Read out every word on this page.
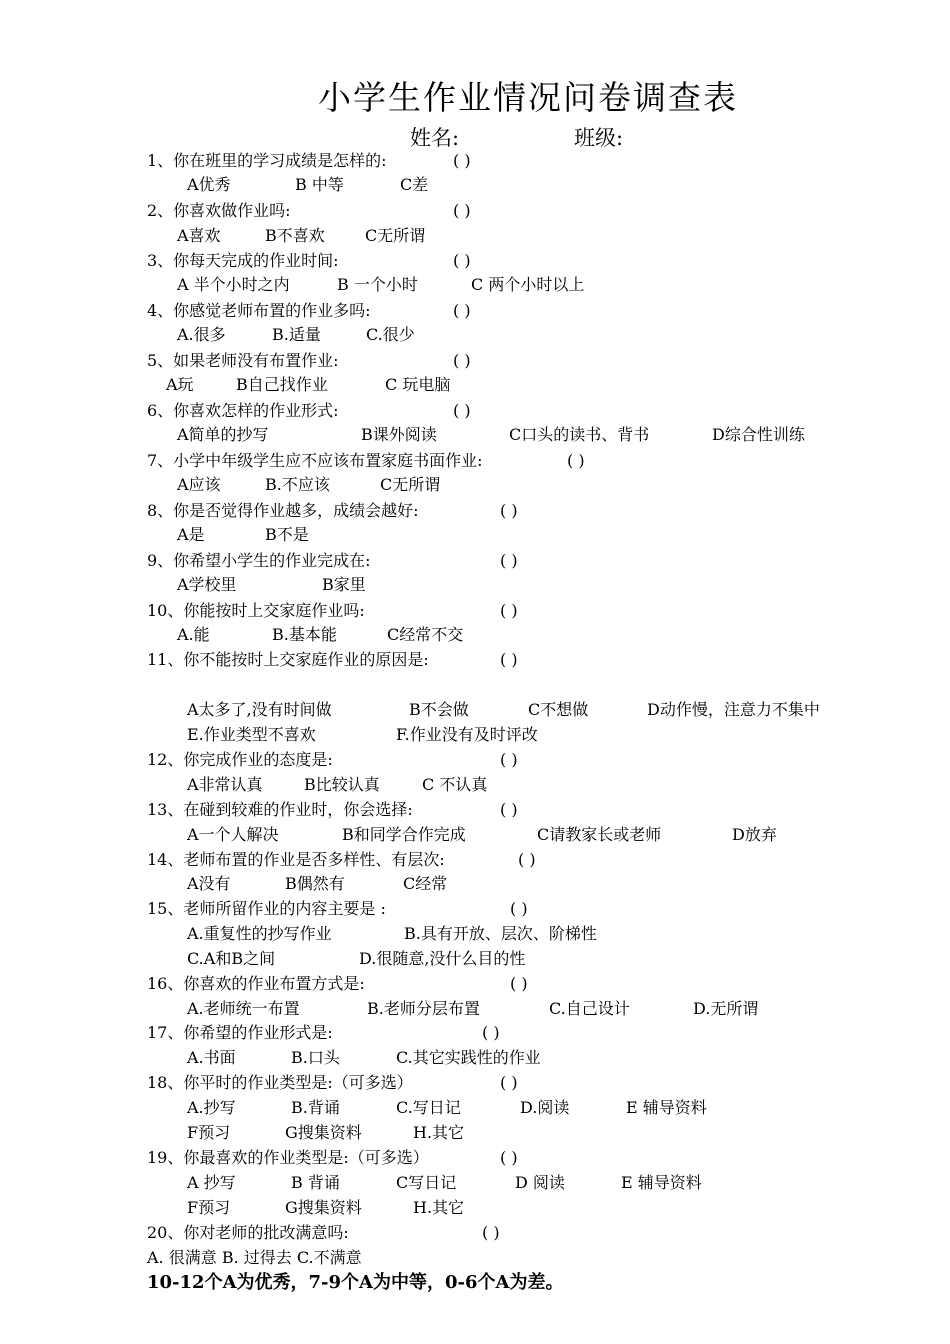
小学生作业情况问卷调查表
姓名:	班级:
1、你在班里的学习成绩是怎样的:	( )
A优秀	B 中等	C差
2、你喜欢做作业吗:	( )
A喜欢	B不喜欢	C无所谓
3、你每天完成的作业时间:	( )
A 半个小时之内	B 一个小时	C 两个小时以上
4、你感觉老师布置的作业多吗:	( )
A.很多	B.适量	C.很少
5、如果老师没有布置作业:	( )
A玩	B自己找作业	C 玩电脑
6、你喜欢怎样的作业形式:	( )
A简单的抄写	B课外阅读	C口头的读书、背书	D综合性训练
7、小学中年级学生应不应该布置家庭书面作业:	( )
A应该	B.不应该	C无所谓
8、你是否觉得作业越多，成绩会越好:	( )
A是	B不是
9、你希望小学生的作业完成在:	( )
A学校里	B家里
10、你能按时上交家庭作业吗:	( )
A.能	B.基本能	C经常不交
11、你不能按时上交家庭作业的原因是:	( )
A太多了,没有时间做	B不会做	C不想做	D动作慢，注意力不集中
E.作业类型不喜欢	F.作业没有及时评改
12、你完成作业的态度是:	( )
A非常认真	B比较认真	C 不认真
13、在碰到较难的作业时，你会选择:	( )
A一个人解决	B和同学合作完成	C请教家长或老师	D放弃
14、老师布置的作业是否多样性、有层次:	( )
A没有	B偶然有	C经常
15、老师所留作业的内容主要是 :	( )
A.重复性的抄写作业	B.具有开放、层次、阶梯性
C.A和B之间	D.很随意,没什么目的性
16、你喜欢的作业布置方式是:	( )
A.老师统一布置	B.老师分层布置	C.自己设计	D.无所谓
17、你希望的作业形式是:	( )
A.书面	B.口头	C.其它实践性的作业
18、你平时的作业类型是:（可多选）	( )
A.抄写	B.背诵	C.写日记	D.阅读	E 辅导资料
F预习	G搜集资料	H.其它
19、你最喜欢的作业类型是:（可多选）	( )
A 抄写	B 背诵	C写日记	D 阅读	E 辅导资料
F预习	G搜集资料	H.其它
20、你对老师的批改满意吗:	( )
A. 很满意 B. 过得去 C.不满意
10-12个A为优秀，7-9个A为中等，0-6个A为差。
